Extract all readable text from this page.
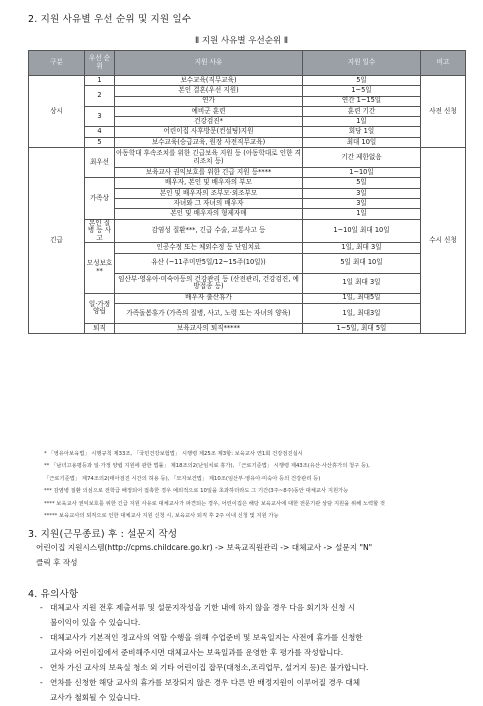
2. 지원 사유별 우선 순위 및 지원 일수
Ⅱ 지원 사유별 우선순위 Ⅱ
구분	우선 순위	지원 사유	지원 일수	비고
상시	1	보수교육(직무교육)	5일	사전 신청
	2	본인 결혼(우선 지원)	1~5일	
		연가	연간 1~15일	
	3	예비군 훈련	훈련 기간	
		건강검진*	1일	
	4	어린이집 사후방문(컨설팅)지원	회당 1일	
	5	보수교육(승급교육, 원장 사전직무교육)	최대 10일	
긴급	최우선	아동학대 후속조치를 위한 긴급보육 지원 등 (아동학대로 인한 격리조치 등)	기간 제한없음	수시 신청
		보육교사 권익보호를 위한 긴급 지원 등****	1~10일	
	가족상	배우자, 본인 및 배우자의 부모	5일	
		본인 및 배우자의 조부모·외조부모	3일	
		자녀와 그 자녀의 배우자	3일	
		본인 및 배우자의 형제자매	1일	
	본인 질병 등 사고	감염성 질환***, 긴급 수술, 교통사고 등	1~10일 최대 10일	
	모성보호**	인공수정 또는 체외수정 등 난임치료	1일, 최대 3일	
		유산 (~11주미만5일/12~15주(10일))	5일 최대 10일	
		임산부·영유아·미숙아등의 건강관리 등 (산전관리, 건강검진, 예방접종 등)	1일 최대 3일	
	일·가정 양립	배우자 출산휴가	1일, 최대5일	
		가족돌봄휴가 (가족의 질병, 사고, 노령 또는 자녀의 양육)	1일, 최대3일	
	퇴직	보육교사의 퇴직*****	1~5일, 최대 5일	
* 「영유아보육법」 시행규칙 제33조, 「국민건강보험법」 시행령 제25조 제3항: 보육교사 연1회 건강검진실시
** 「남녀고용평등과 일·가정 양립 지원에 관한 법률」 제18조의2(난임치료 휴가), 「근로기준법」 시행령 제43조(유산·사산휴가의 청구 등),
「근로기준법」 제74조의2(태아검진 시간의 허용 등), 「모자보건법」 제10조(임산부·영유아·미숙아 등의 건강관리 등)
*** 감염병 질환 의심으로 전학급 배정되어 접촉한 경우 예외적으로 10일을 초과하더라도 그 기간(3주~8주)동안 대체교사 지원가능
**** 보육교사 권익보호를 위한 긴급 지원 사유로 대체교사가 파견되는 경우, 어린이집은 해당 보육교사에 대한 전문기관 상담 지원을 위해 노력할 것
***** 보육교사의 퇴직으로 인한 대체교사 지원 신청 시, 보육교사 퇴직 후 2주 이내 신청 및 지원 가능
3. 지원(근무종료) 후 : 설문지 작성
어린이집 지원시스템(http://cpms.childcare.go.kr) -> 보육교직원관리 -> 대체교사 -> 설문지 "N"
클릭 후 작성
4. 유의사항
- 대체교사 지원 전후 제출서류 및 설문지작성을 기한 내에 하지 않을 경우 다음 회기차 신청 시
불이익이 있을 수 있습니다.
- 대체교사가 기본적인 정교사의 역할 수행을 위해 수업준비 및 보육일지는 사전에 휴가를 신청한
교사와 어린이집에서 준비해주시면 대체교사는 보육일과를 운영한 후 평가를 작성합니다.
- 연차 가신 교사의 보육실 청소 외 기타 어린이집 잡무(대청소,조리업무, 설거지 등)은 불가합니다.
- 연차를 신청한 해당 교사의 휴가를 보장되지 않은 경우 다른 반 배정지원이 이루어질 경우 대체
교사가 철회될 수 있습니다.
